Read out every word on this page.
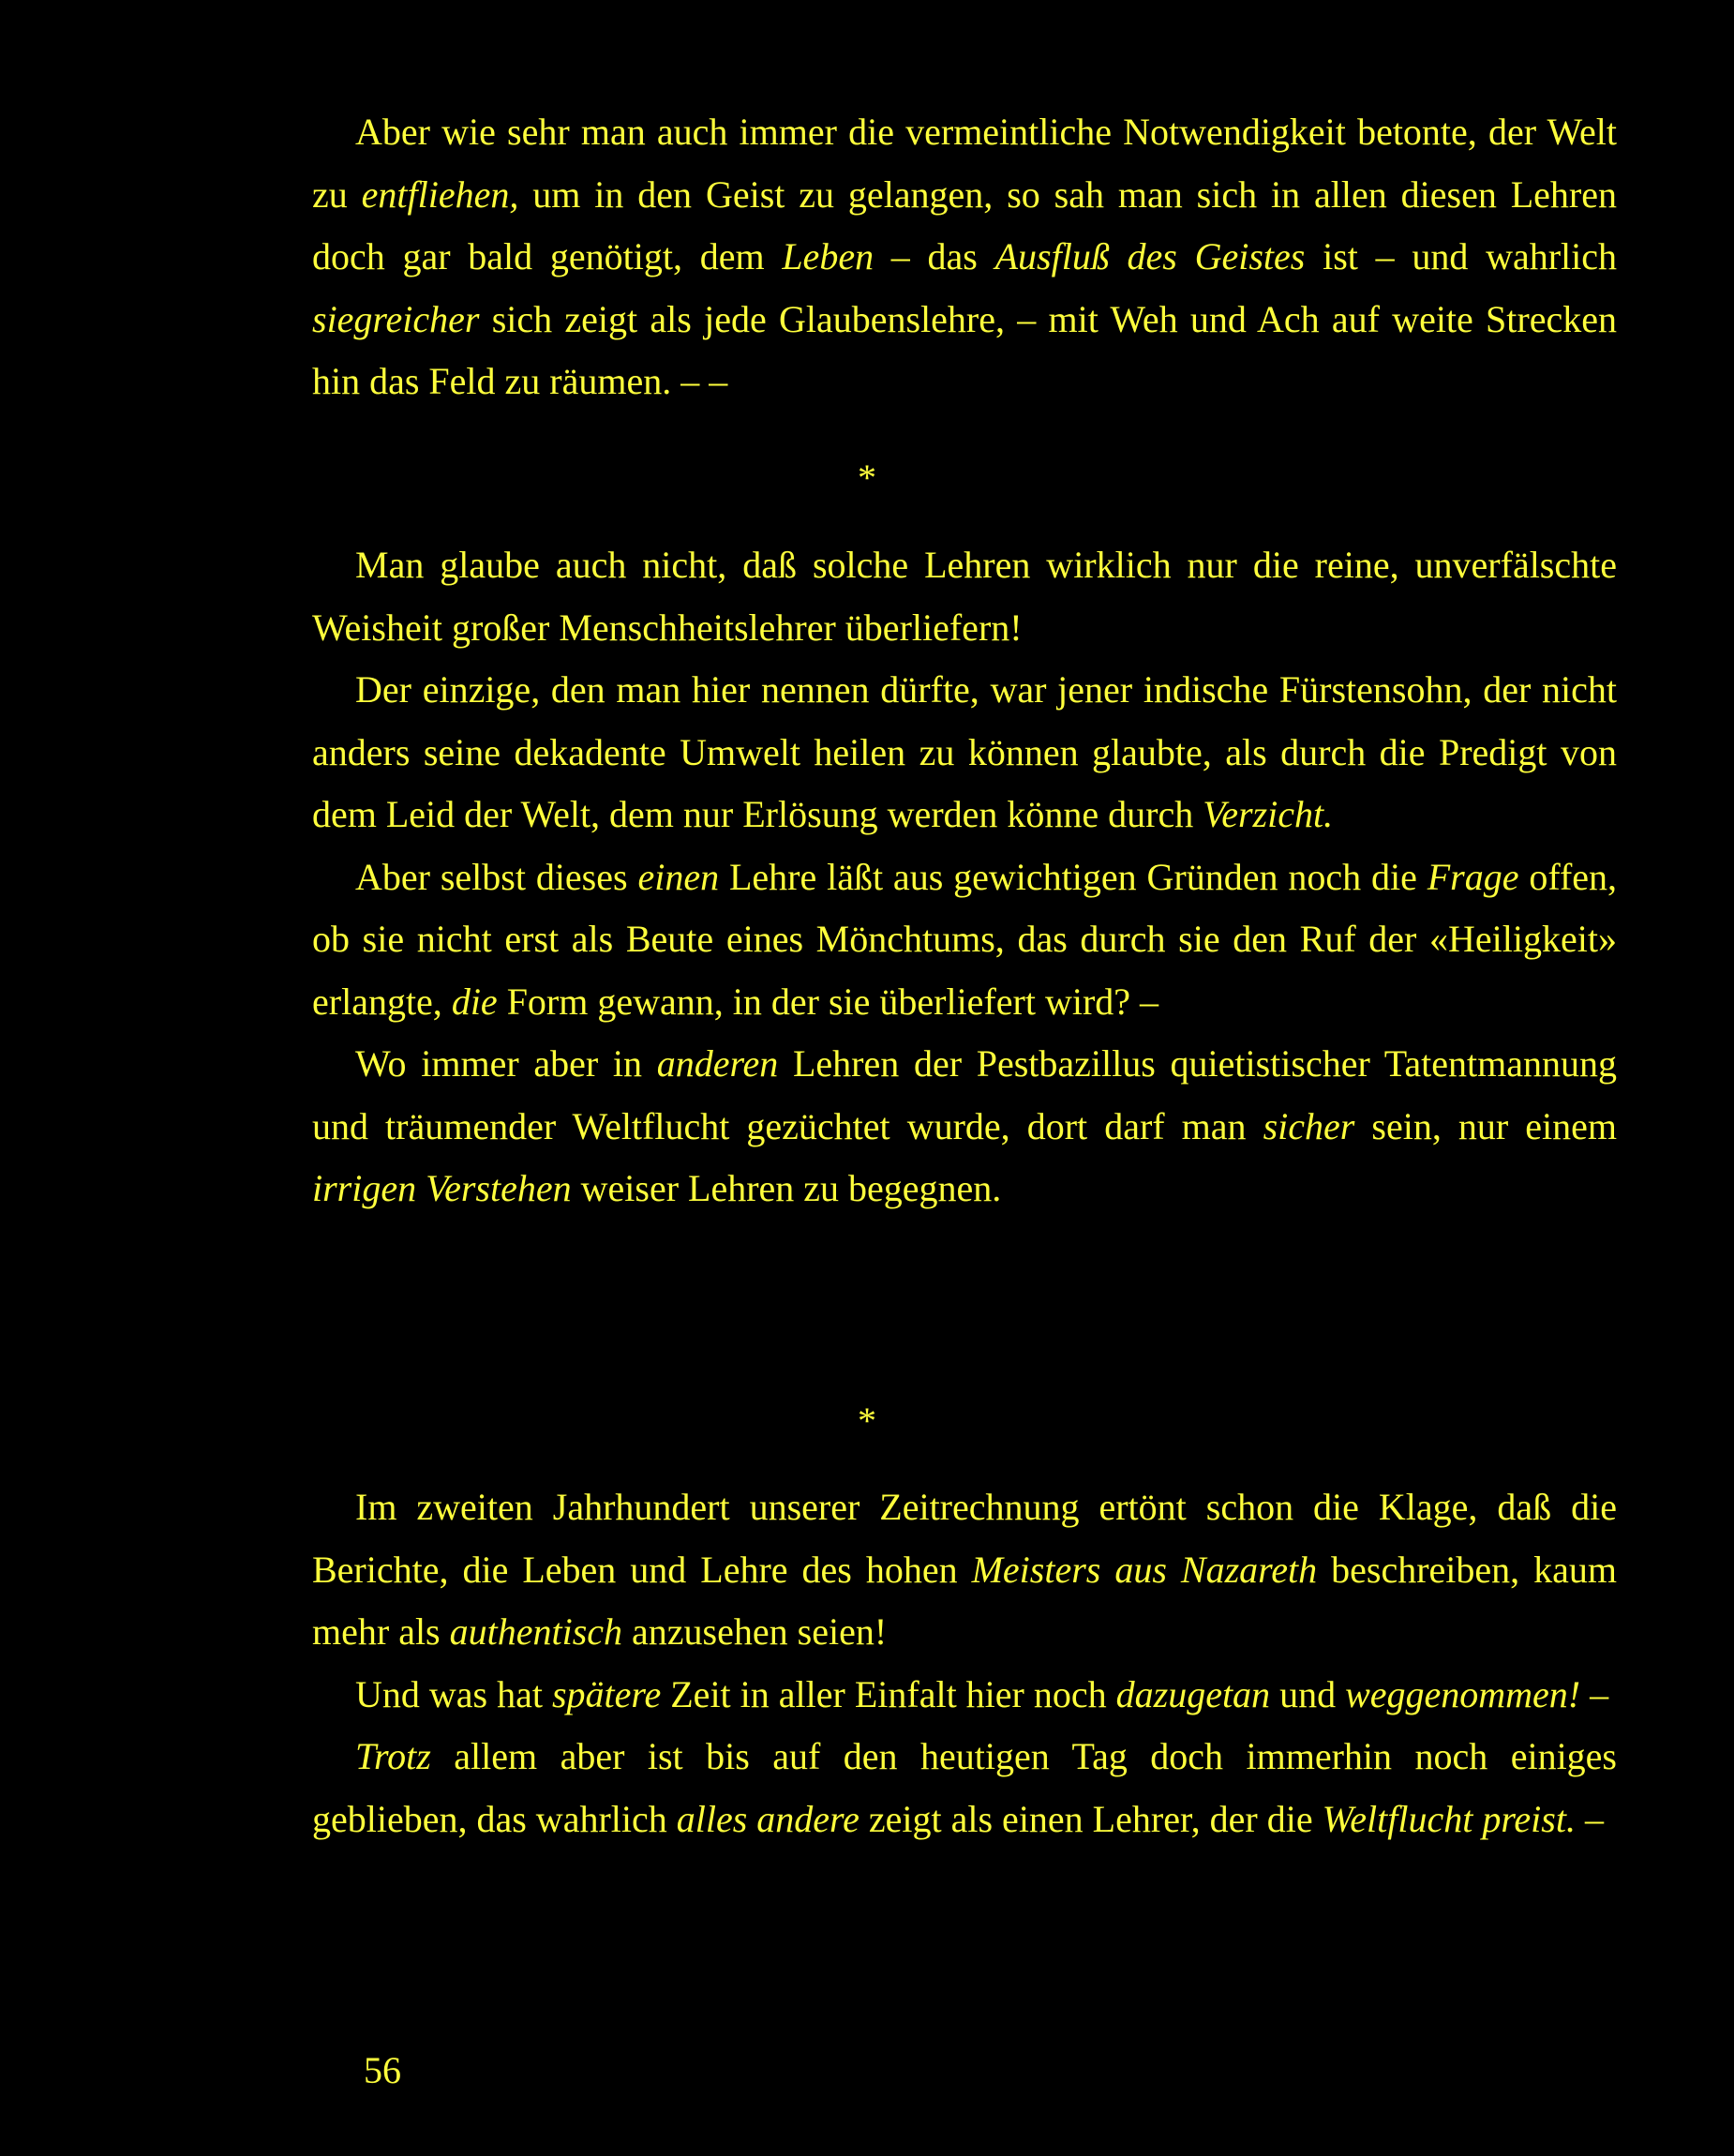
Aber wie sehr man auch immer die vermeintliche Notwendigkeit betonte, der Welt zu entfliehen, um in den Geist zu gelangen, so sah man sich in allen diesen Lehren doch gar bald genötigt, dem Leben – das Ausfluß des Geistes ist – und wahrlich siegreicher sich zeigt als jede Glaubenslehre, – mit Weh und Ach auf weite Strecken hin das Feld zu räumen. – –

*

Man glaube auch nicht, daß solche Lehren wirklich nur die reine, unverfälschte Weisheit großer Menschheitslehrer überliefern!

Der einzige, den man hier nennen dürfte, war jener indische Fürstensohn, der nicht anders seine dekadente Umwelt heilen zu können glaubte, als durch die Predigt von dem Leid der Welt, dem nur Erlösung werden könne durch Verzicht.

Aber selbst dieses einen Lehre läßt aus gewichtigen Gründen noch die Frage offen, ob sie nicht erst als Beute eines Mönchtums, das durch sie den Ruf der «Heiligkeit» erlangte, die Form gewann, in der sie überliefert wird? –

Wo immer aber in anderen Lehren der Pestbazillus quietistischer Tatentmannung und träumender Weltflucht gezüchtet wurde, dort darf man sicher sein, nur einem irrigen Verstehen weiser Lehren zu begegnen.

*

Im zweiten Jahrhundert unserer Zeitrechnung ertönt schon die Klage, daß die Berichte, die Leben und Lehre des hohen Meisters aus Nazareth beschreiben, kaum mehr als authentisch anzusehen seien!

Und was hat spätere Zeit in aller Einfalt hier noch dazugetan und weggenommen! –

Trotz allem aber ist bis auf den heutigen Tag doch immerhin noch einiges geblieben, das wahrlich alles andere zeigt als einen Lehrer, der die Weltflucht preist. –

56
